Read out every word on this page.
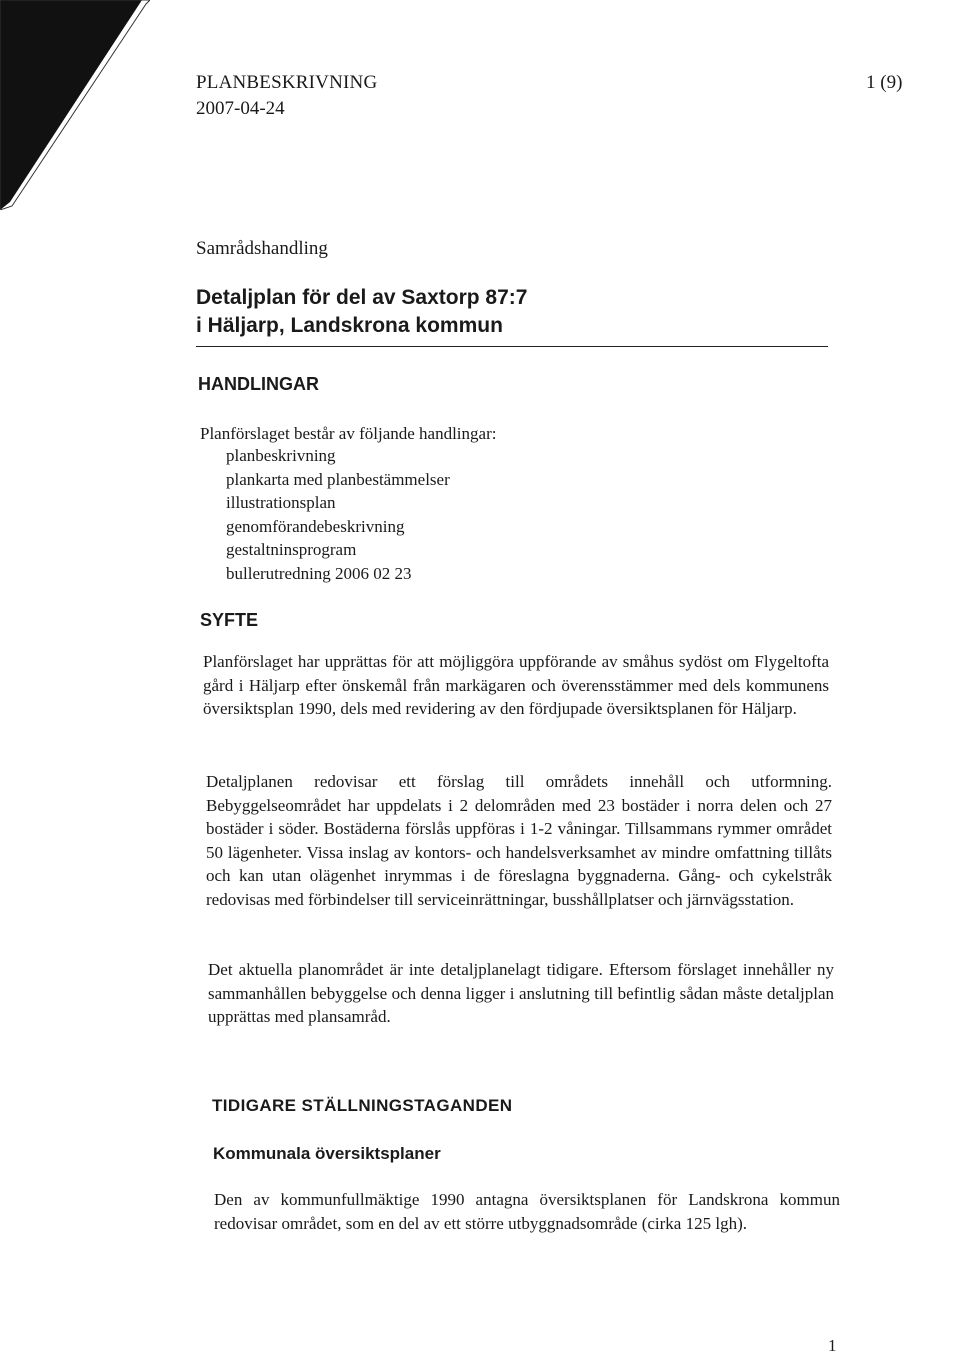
PLANBESKRIVNING
2007-04-24
1 (9)
Samrådshandling
Detaljplan för del av Saxtorp 87:7
i Häljarp, Landskrona kommun
HANDLINGAR
Planförslaget består av följande handlingar:
planbeskrivning
plankarta med planbestämmelser
illustrationsplan
genomförandebeskrivning
gestaltninsprogram
bullerutredning 2006 02 23
SYFTE

Planförslaget har upprättas för att möjliggöra uppförande av småhus sydöst om Flygeltofta gård i Häljarp efter önskemål från markägaren och överensstämmer med dels kommunens översiktsplan 1990, dels med revidering av den fördjupade översiktsplanen för Häljarp.

Detaljplanen redovisar ett förslag till områdets innehåll och utformning. Bebyggelseområdet har uppdelats i 2 delområden med 23 bostäder i norra delen och 27 bostäder i söder. Bostäderna förslås uppföras i 1-2 våningar. Tillsammans rymmer området 50 lägenheter. Vissa inslag av kontors- och handelsverksamhet av mindre omfattning tillåts och kan utan olägenhet inrymmas i de föreslagna byggnaderna. Gång- och cykelstråk redovisas med förbindelser till serviceinrättningar, busshållplatser och järnvägsstation.

Det aktuella planområdet är inte detaljplanelagt tidigare. Eftersom förslaget innehåller ny sammanhållen bebyggelse och denna ligger i anslutning till befintlig sådan måste detaljplan upprättas med plansamråd.

TIDIGARE STÄLLNINGSTAGANDEN
Kommunala översiktsplaner

Den av kommunfullmäktige 1990 antagna översiktsplanen för Landskrona kommun redovisar området, som en del av ett större utbyggnadsområde (cirka 125 lgh).

1
